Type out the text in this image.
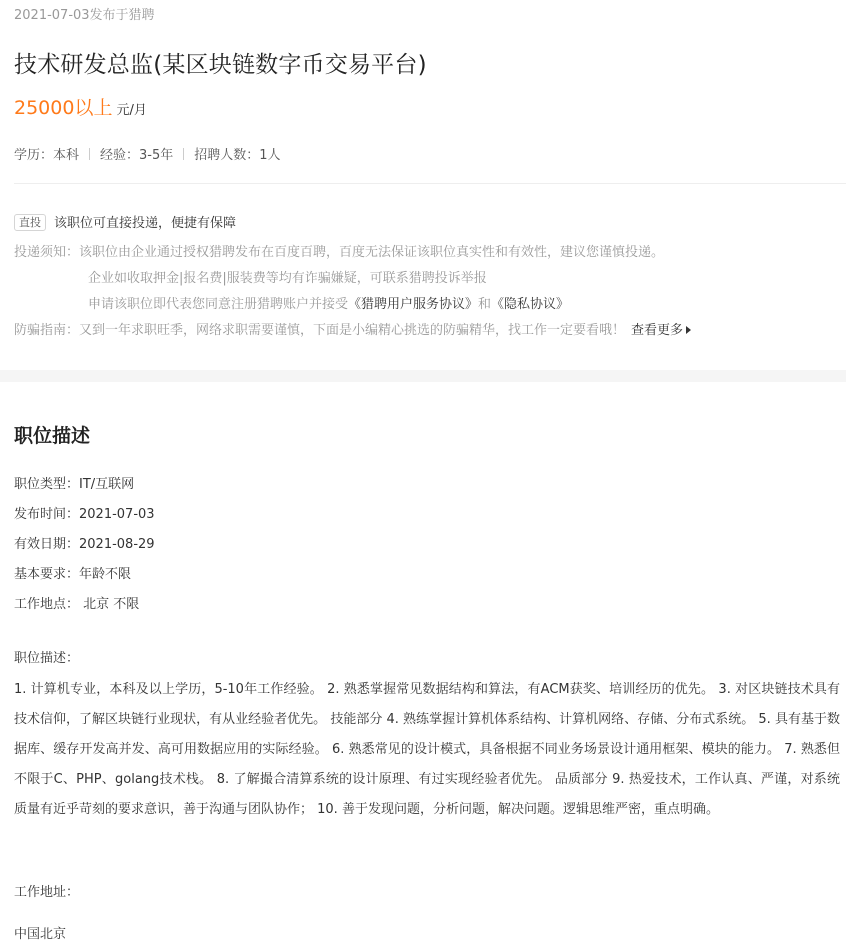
2021-07-03发布于猎聘
技术研发总监(某区块链数字币交易平台)
25000以上 元/月
学历：本科 经验：3-5年 招聘人数：1人
直投 该职位可直接投递，便捷有保障
投递须知：该职位由企业通过授权猎聘发布在百度百聘，百度无法保证该职位真实性和有效性，建议您谨慎投递。
企业如收取押金|报名费|服装费等均有诈骗嫌疑，可联系猎聘投诉举报
申请该职位即代表您同意注册猎聘账户并接受《猎聘用户服务协议》和《隐私协议》
防骗指南：又到一年求职旺季，网络求职需要谨慎，下面是小编精心挑选的防骗精华，找工作一定要看哦！ 查看更多
职位描述
职位类型：IT/互联网
发布时间：2021-07-03
有效日期：2021-08-29
基本要求：年龄不限
工作地点： 北京 不限
职位描述：
1. 计算机专业，本科及以上学历，5-10年工作经验。 2. 熟悉掌握常见数据结构和算法，有ACM获奖、培训经历的优先。 3. 对区块链技术具有技术信仰，了解区块链行业现状，有从业经验者优先。 技能部分 4. 熟练掌握计算机体系结构、计算机网络、存储、分布式系统。 5. 具有基于数据库、缓存开发高并发、高可用数据应用的实际经验。 6. 熟悉常见的设计模式，具备根据不同业务场景设计通用框架、模块的能力。 7. 熟悉但不限于C、PHP、golang技术栈。 8. 了解撮合清算系统的设计原理、有过实现经验者优先。 品质部分 9. 热爱技术，工作认真、严谨，对系统质量有近乎苛刻的要求意识，善于沟通与团队协作； 10. 善于发现问题，分析问题，解决问题。逻辑思维严密，重点明确。
工作地址：
中国北京
